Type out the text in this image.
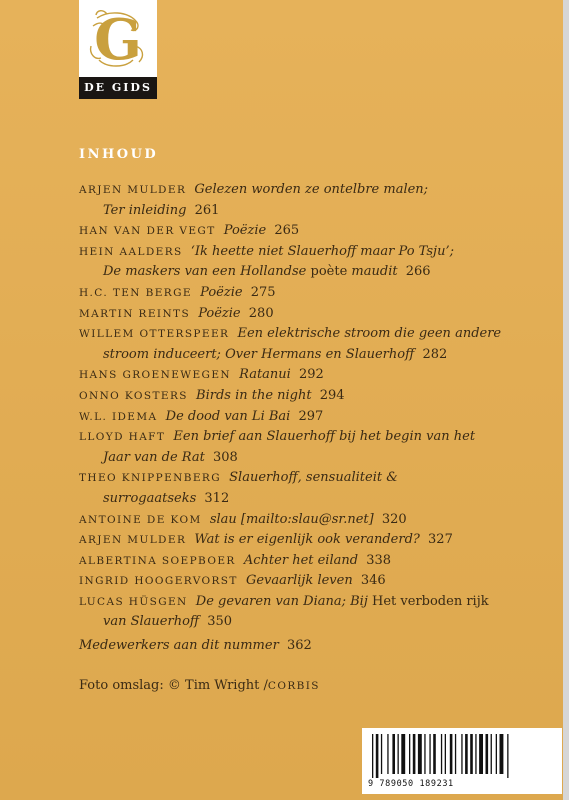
G
DE GIDS
INHOUD
ARJEN MULDER Gelezen worden ze ontelbre malen;
Ter inleiding 261
HAN VAN DER VEGT Poëzie 265
HEIN AALDERS ‘Ik heette niet Slauerhoff maar Po Tsju’;
De maskers van een Hollandse poète maudit 266
H.C. TEN BERGE Poëzie 275
MARTIN REINTS Poëzie 280
WILLEM OTTERSPEER Een elektrische stroom die geen andere
stroom induceert; Over Hermans en Slauerhoff 282
HANS GROENEWEGEN Ratanui 292
ONNO KOSTERS Birds in the night 294
W.L. IDEMA De dood van Li Bai 297
LLOYD HAFT Een brief aan Slauerhoff bij het begin van het
Jaar van de Rat 308
THEO KNIPPENBERG Slauerhoff, sensualiteit &
surrogaatseks 312
ANTOINE DE KOM slau [mailto:slau@sr.net] 320
ARJEN MULDER Wat is er eigenlijk ook veranderd? 327
ALBERTINA SOEPBOER Achter het eiland 338
INGRID HOOGERVORST Gevaarlijk leven 346
LUCAS HÜSGEN De gevaren van Diana; Bij Het verboden rijk
van Slauerhoff 350
Medewerkers aan dit nummer 362
Foto omslag: © Tim Wright /CORBIS
9 789050 189231
